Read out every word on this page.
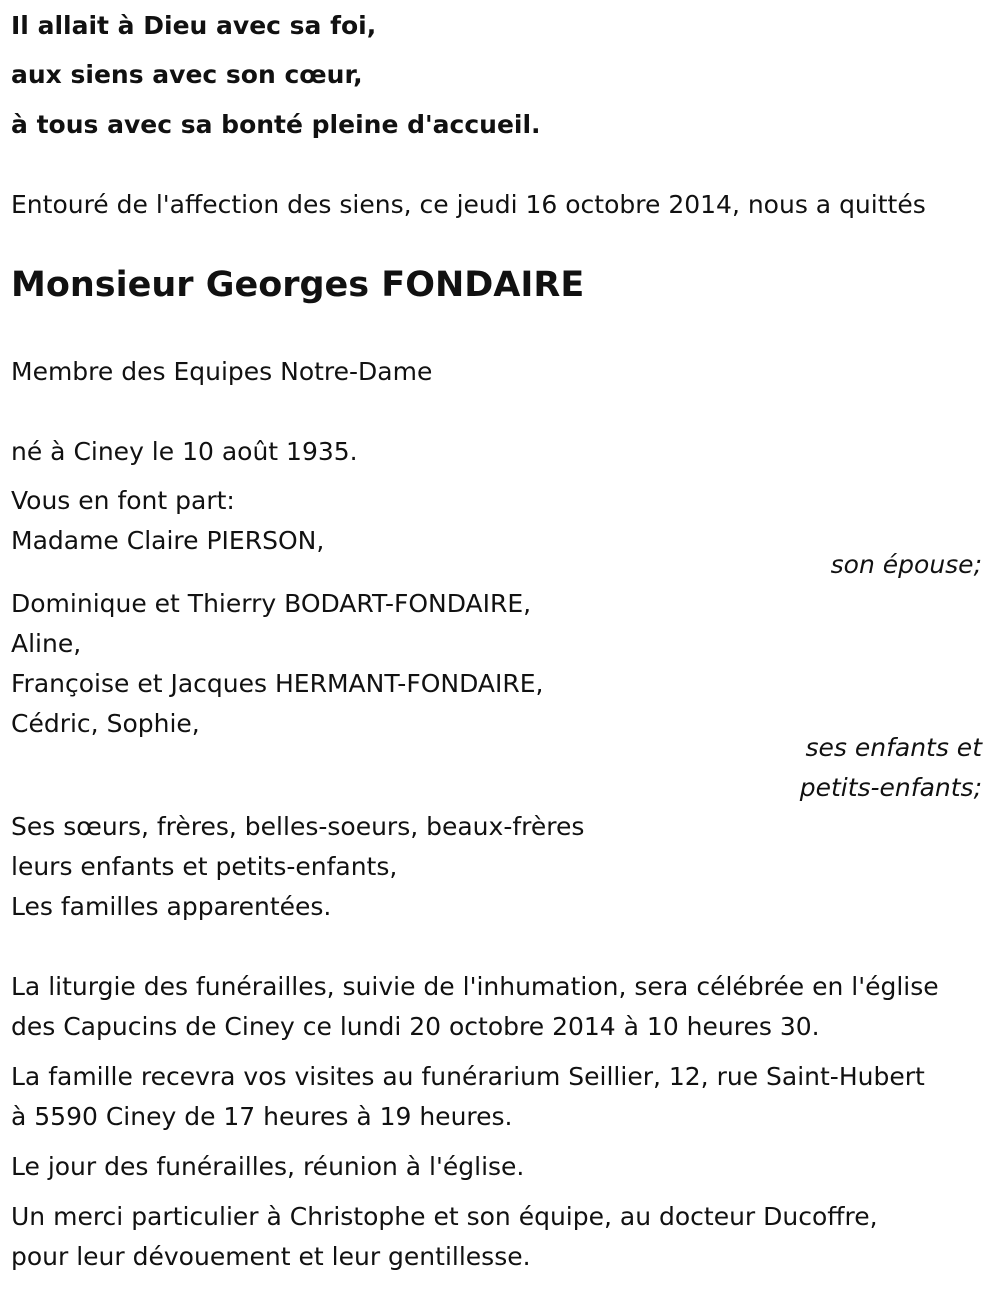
Il allait à Dieu avec sa foi,
aux siens avec son cœur,
à tous avec sa bonté pleine d'accueil.
Entouré de l'affection des siens, ce jeudi 16 octobre 2014, nous a quittés
Monsieur Georges FONDAIRE
Membre des Equipes Notre-Dame
né à Ciney le 10 août 1935.
Vous en font part:
Madame Claire PIERSON,
son épouse;
Dominique et Thierry BODART-FONDAIRE,
Aline,
Françoise et Jacques HERMANT-FONDAIRE,
Cédric, Sophie,
ses enfants et
petits-enfants;
Ses sœurs, frères, belles-soeurs, beaux-frères
leurs enfants et petits-enfants,
Les familles apparentées.
La liturgie des funérailles, suivie de l'inhumation, sera célébrée en l'église
des Capucins de Ciney ce lundi 20 octobre 2014 à 10 heures 30.
La famille recevra vos visites au funérarium Seillier, 12, rue Saint-Hubert
à 5590 Ciney de 17 heures à 19 heures.
Le jour des funérailles, réunion à l'église.
Un merci particulier à Christophe et son équipe, au docteur Ducoffre,
pour leur dévouement et leur gentillesse.
